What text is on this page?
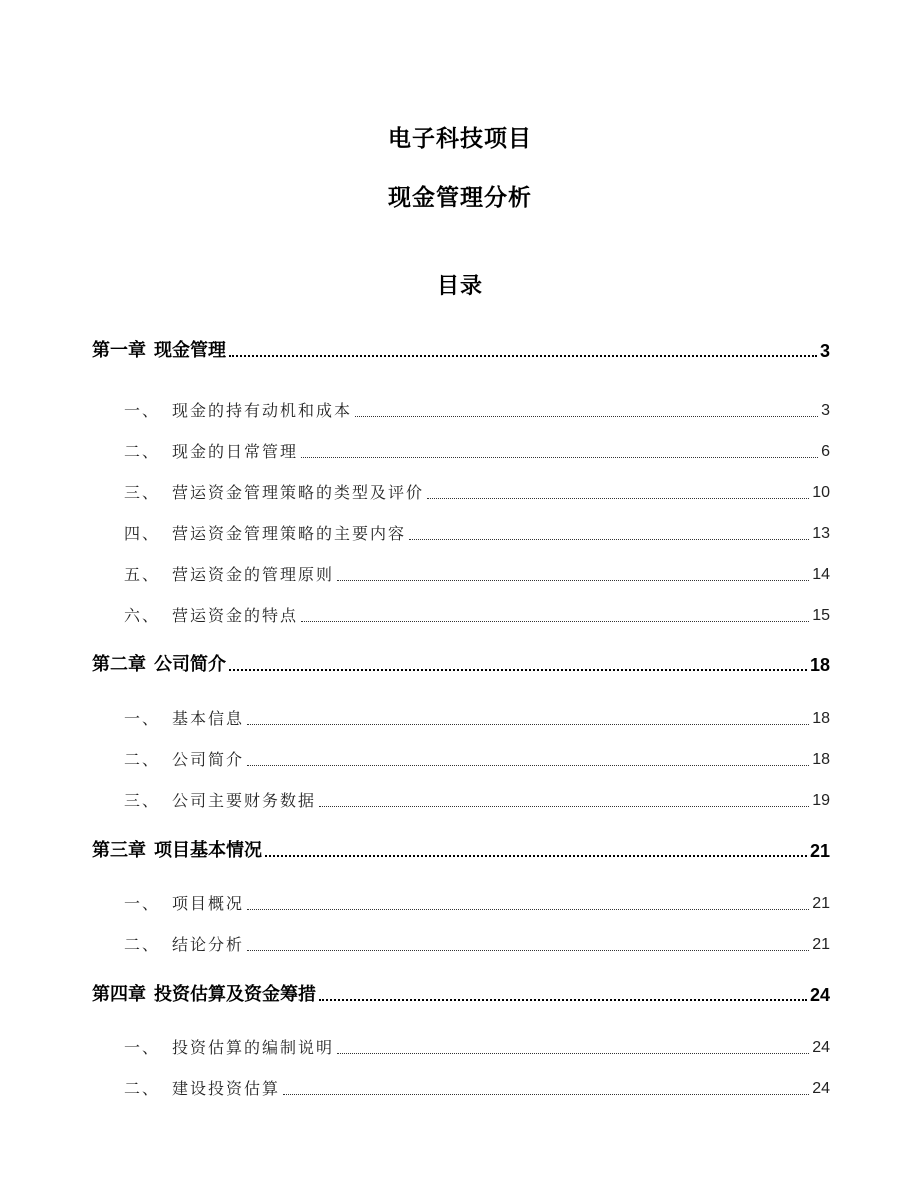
电子科技项目
现金管理分析
目录
第一章 现金管理	3
一、 现金的持有动机和成本	3
二、 现金的日常管理	6
三、 营运资金管理策略的类型及评价	10
四、 营运资金管理策略的主要内容	13
五、 营运资金的管理原则	14
六、 营运资金的特点	15
第二章 公司简介	18
一、 基本信息	18
二、 公司简介	18
三、 公司主要财务数据	19
第三章 项目基本情况	21
一、 项目概况	21
二、 结论分析	21
第四章 投资估算及资金筹措	24
一、 投资估算的编制说明	24
二、 建设投资估算	24
